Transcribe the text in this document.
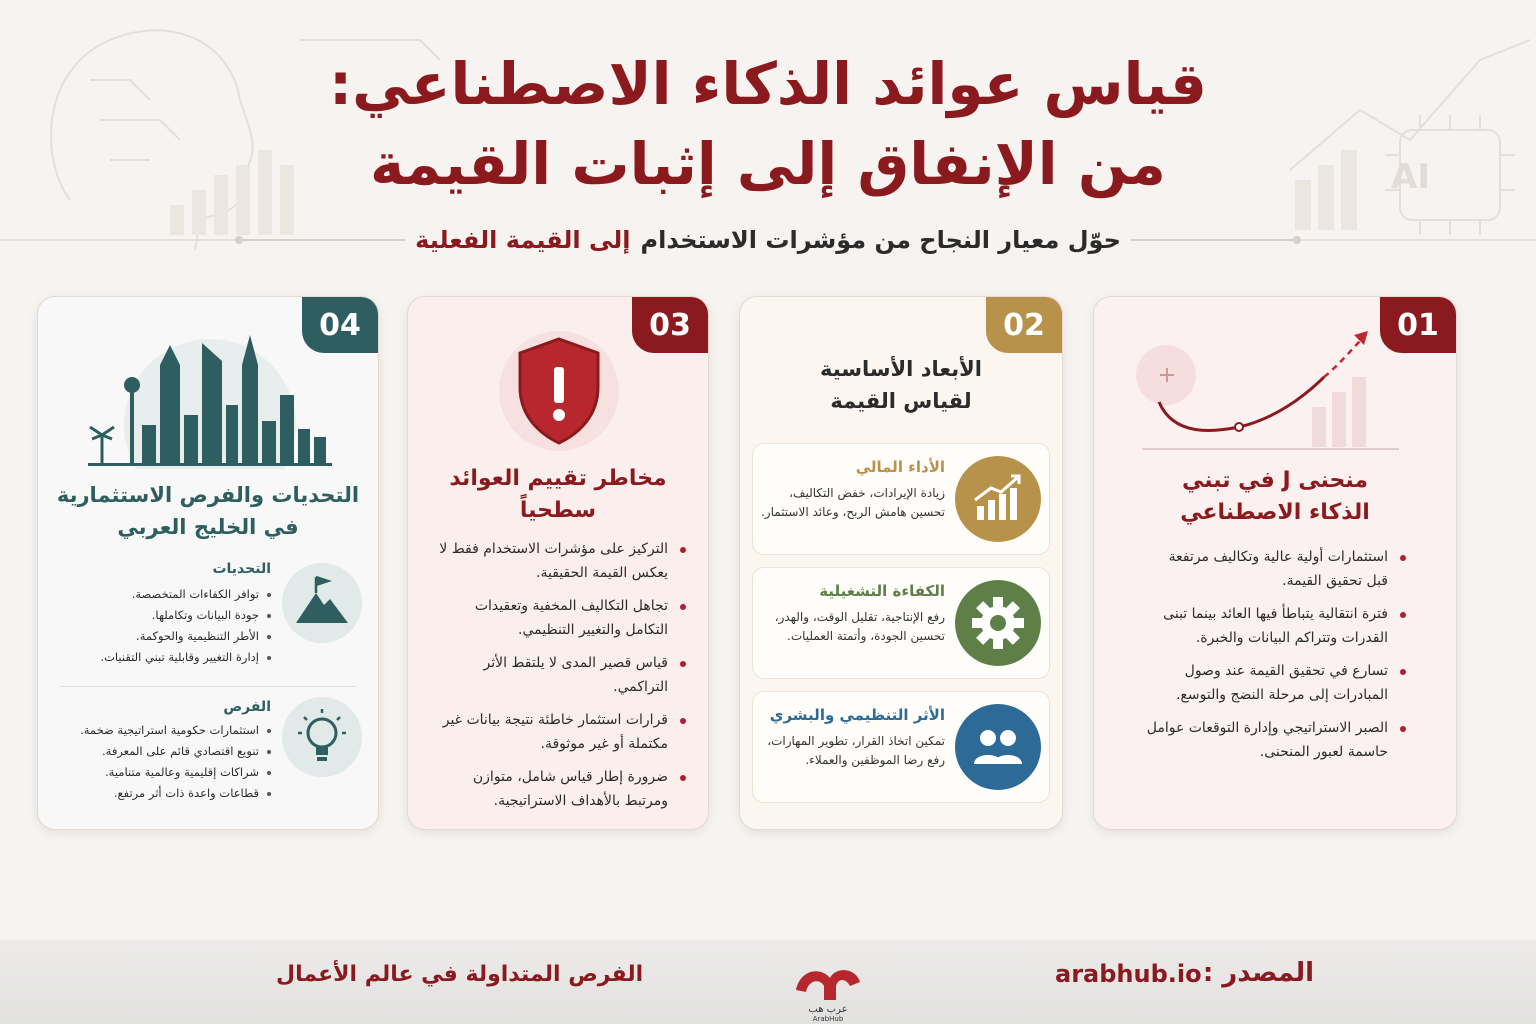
AI
قياس عوائد الذكاء الاصطناعي:
من الإنفاق إلى إثبات القيمة
حوّل معيار النجاح من مؤشرات الاستخدام
إلى القيمة الفعلية
01
منحنى J في تبني
الذكاء الاصطناعي
استثمارات أولية عالية وتكاليف مرتفعة قبل تحقيق القيمة.
فترة انتقالية يتباطأ فيها العائد بينما تبنى القدرات وتتراكم البيانات والخبرة.
تسارع في تحقيق القيمة عند وصول المبادرات إلى مرحلة النضج والتوسع.
الصبر الاستراتيجي وإدارة التوقعات عوامل حاسمة لعبور المنحنى.
02
الأبعاد الأساسية
لقياس القيمة
الأداء المالي
زيادة الإيرادات، خفض التكاليف، تحسين هامش الربح، وعائد الاستثمار.
الكفاءة التشغيلية
رفع الإنتاجية، تقليل الوقت، والهدر، تحسين الجودة، وأتمتة العمليات.
الأثر التنظيمي والبشري
تمكين اتخاذ القرار، تطوير المهارات، رفع رضا الموظفين والعملاء.
03
مخاطر تقييم العوائد
سطحياً
التركيز على مؤشرات الاستخدام فقط لا يعكس القيمة الحقيقية.
تجاهل التكاليف المخفية وتعقيدات التكامل والتغيير التنظيمي.
قياس قصير المدى لا يلتقط الأثر التراكمي.
قرارات استثمار خاطئة نتيجة بيانات غير مكتملة أو غير موثوقة.
ضرورة إطار قياس شامل، متوازن ومرتبط بالأهداف الاستراتيجية.
04
التحديات والفرص الاستثمارية
في الخليج العربي
التحديات
توافر الكفاءات المتخصصة.
جودة البيانات وتكاملها.
الأطر التنظيمية والحوكمة.
إدارة التغيير وقابلية تبني التقنيات.
الفرص
استثمارات حكومية استراتيجية ضخمة.
تنويع اقتصادي قائم على المعرفة.
شراكات إقليمية وعالمية متنامية.
قطاعات واعدة ذات أثر مرتفع.
الفرص المتداولة في عالم الأعمال	المصدر :
arabhub.io
عرب هب
ArabHub
